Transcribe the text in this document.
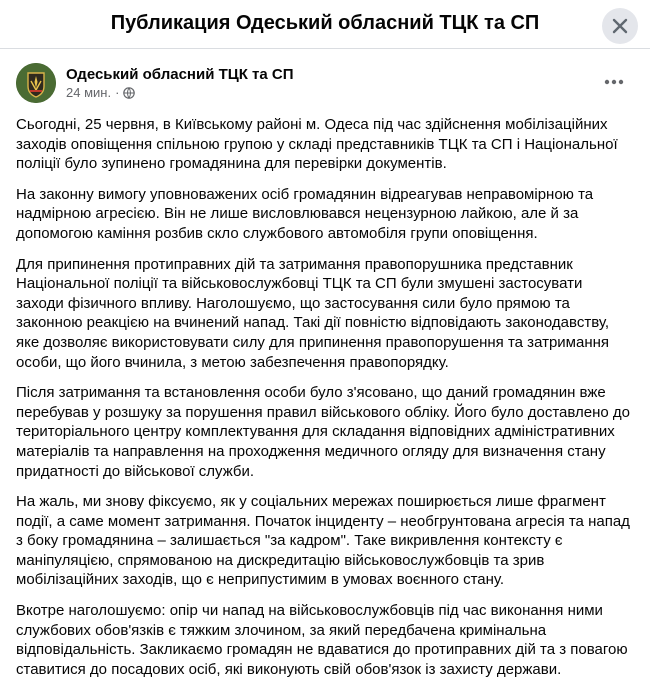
Публикация Одеський обласний ТЦК та СП
Одеський обласний ТЦК та СП
24 мин. ·

Сьогодні, 25 червня, в Київському районі м. Одеса під час здійснення мобілізаційних заходів оповіщення спільною групою у складі представників ТЦК та СП і Національної поліції було зупинено громадянина для перевірки документів.

На законну вимогу уповноважених осіб громадянин відреагував неправомірною та надмірною агресією. Він не лише висловлювався нецензурною лайкою, але й за допомогою каміння розбив скло службового автомобіля групи оповіщення.

Для припинення протиправних дій та затримання правопорушника представник Національної поліції та військовослужбовці ТЦК та СП були змушені застосувати заходи фізичного впливу. Наголошуємо, що застосування сили було прямою та законною реакцією на вчинений напад. Такі дії повністю відповідають законодавству, яке дозволяє використовувати силу для припинення правопорушення та затримання особи, що його вчинила, з метою забезпечення правопорядку.

Після затримання та встановлення особи було з'ясовано, що даний громадянин вже перебував у розшуку за порушення правил військового обліку. Його було доставлено до територіального центру комплектування для складання відповідних адміністративних матеріалів та направлення на проходження медичного огляду для визначення стану придатності до військової служби.

На жаль, ми знову фіксуємо, як у соціальних мережах поширюється лише фрагмент події, а саме момент затримання. Початок інциденту – необгрунтована агресія та напад з боку громадянина – залишається "за кадром". Таке викривлення контексту є маніпуляцією, спрямованою на дискредитацію військовослужбовців та зрив мобілізаційних заходів, що є неприпустимим в умовах воєнного стану.

Вкотре наголошуємо: опір чи напад на військовослужбовців під час виконання ними службових обов'язків є тяжким злочином, за який передбачена кримінальна відповідальність. Закликаємо громадян не вдаватися до протиправних дій та з повагою ставитися до посадових осіб, які виконують свій обов'язок із захисту держави.
